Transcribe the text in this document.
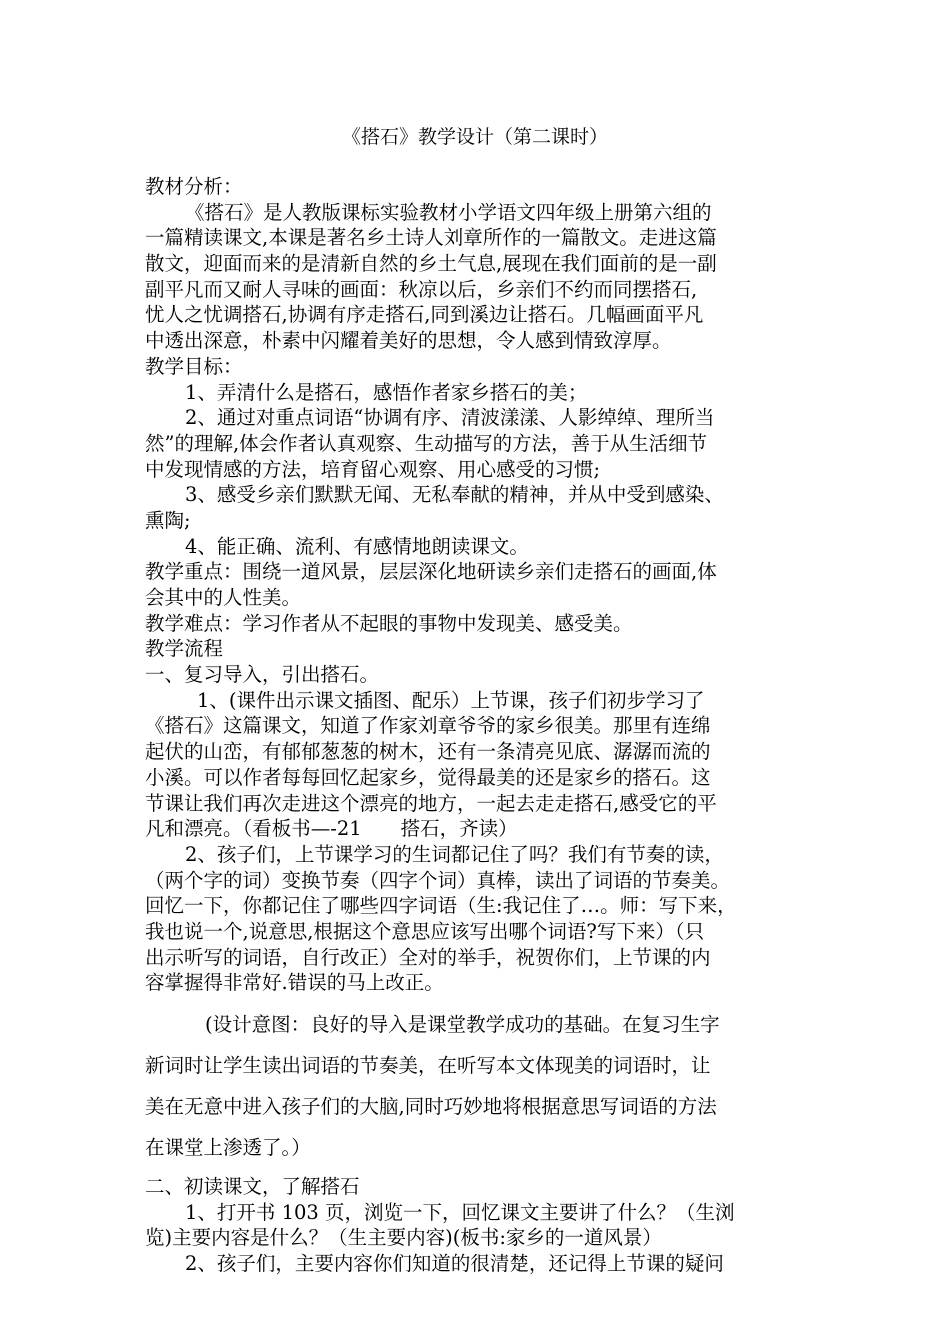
《搭石》教学设计（第二课时）
教材分析：
《搭石》是人教版课标实验教材小学语文四年级上册第六组的
一篇精读课文,本课是著名乡土诗人刘章所作的一篇散文。走进这篇
散文，迎面而来的是清新自然的乡土气息,展现在我们面前的是一副
副平凡而又耐人寻味的画面：秋凉以后，乡亲们不约而同摆搭石,
忧人之忧调搭石,协调有序走搭石,同到溪边让搭石。几幅画面平凡
中透出深意，朴素中闪耀着美好的思想，令人感到情致淳厚。
教学目标：
1、弄清什么是搭石，感悟作者家乡搭石的美；
2、通过对重点词语“协调有序、清波漾漾、人影绰绰、理所当
然”的理解,体会作者认真观察、生动描写的方法，善于从生活细节
中发现情感的方法，培育留心观察、用心感受的习惯;
3、感受乡亲们默默无闻、无私奉献的精神，并从中受到感染、
熏陶;
4、能正确、流利、有感情地朗读课文。
教学重点：围绕一道风景，层层深化地研读乡亲们走搭石的画面,体
会其中的人性美。
教学难点：学习作者从不起眼的事物中发现美、感受美。
教学流程
一、复习导入，引出搭石。
1、(课件出示课文插图、配乐）上节课，孩子们初步学习了
《搭石》这篇课文，知道了作家刘章爷爷的家乡很美。那里有连绵
起伏的山峦，有郁郁葱葱的树木，还有一条清亮见底、潺潺而流的
小溪。可以作者每每回忆起家乡，觉得最美的还是家乡的搭石。这
节课让我们再次走进这个漂亮的地方，一起去走走搭石,感受它的平
凡和漂亮。（看板书—-21　　搭石，齐读）
2、孩子们，上节课学习的生词都记住了吗？我们有节奏的读，
（两个字的词）变换节奏（四字个词）真棒，读出了词语的节奏美。
回忆一下，你都记住了哪些四字词语（生:我记住了…。师：写下来，
我也说一个,说意思,根据这个意思应该写出哪个词语?写下来）（只
出示听写的词语，自行改正）全对的举手，祝贺你们，上节课的内
容掌握得非常好.错误的马上改正。
(设计意图：良好的导入是课堂教学成功的基础。在复习生字
新词时让学生读出词语的节奏美，在听写本文体现美的词语时，让
美在无意中进入孩子们的大脑,同时巧妙地将根据意思写词语的方法
在课堂上渗透了。）
二、初读课文，了解搭石
1、打开书 103 页，浏览一下，回忆课文主要讲了什么？（生浏
览)主要内容是什么？（生主要内容)(板书:家乡的一道风景）
2、孩子们，主要内容你们知道的很清楚，还记得上节课的疑问
